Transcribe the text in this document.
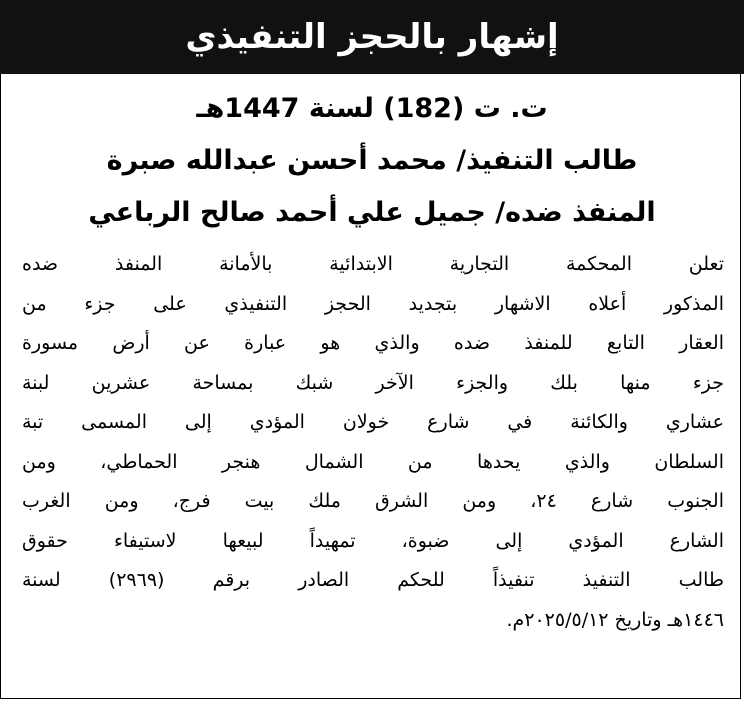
إشهار بالحجز التنفيذي
ت. ت (182) لسنة 1447هـ
طالب التنفيذ/ محمد أحسن عبدالله صبرة
المنفذ ضده/ جميل علي أحمد صالح الرباعي
تعلن المحكمة التجارية الابتدائية بالأمانة المنفذ ضده
المذكور أعلاه الاشهار بتجديد الحجز التنفيذي على جزء من
العقار التابع للمنفذ ضده والذي هو عبارة عن أرض مسورة
جزء منها بلك والجزء الآخر شبك بمساحة عشرين لبنة
عشاري والكائنة في شارع خولان المؤدي إلى المسمى تبة
السلطان والذي يحدها من الشمال هنجر الحماطي، ومن
الجنوب شارع ٢٤، ومن الشرق ملك بيت فرج، ومن الغرب
الشارع المؤدي إلى ضبوة، تمهيداً لبيعها لاستيفاء حقوق
طالب التنفيذ تنفيذاً للحكم الصادر برقم (٢٩٦٩) لسنة
١٤٤٦هـ وتاريخ ٢٠٢٥/٥/١٢م.
